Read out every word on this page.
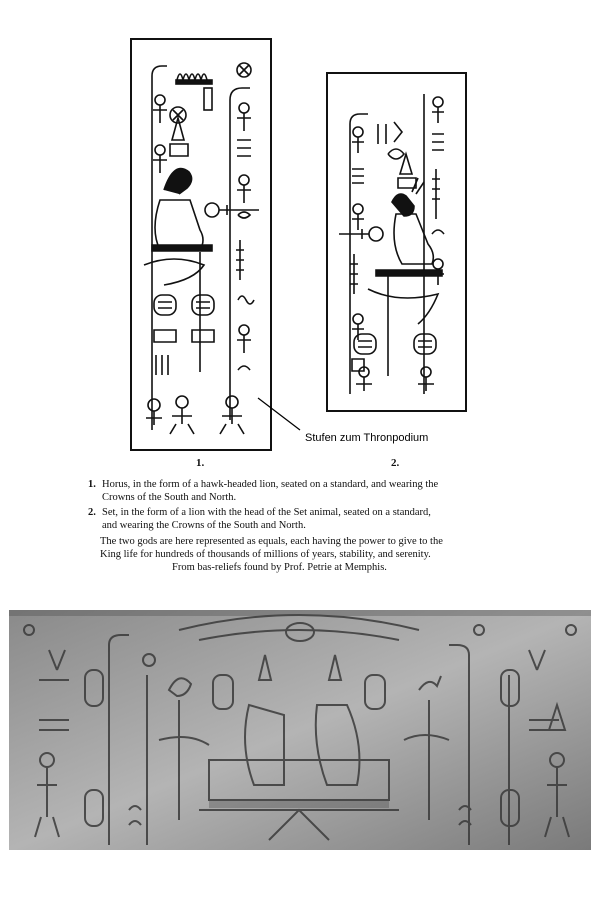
Stufen zum Thronpodium
1.	2.
1. Horus, in the form of a hawk-headed lion, seated on a standard, and wearing the
Crowns of the South and North.
2. Set, in the form of a lion with the head of the Set animal, seated on a standard,
and wearing the Crowns of the South and North.
The two gods are here represented as equals, each having the power to give to the
King life for hundreds of thousands of millions of years, stability, and serenity.
From bas-reliefs found by Prof. Petrie at Memphis.
